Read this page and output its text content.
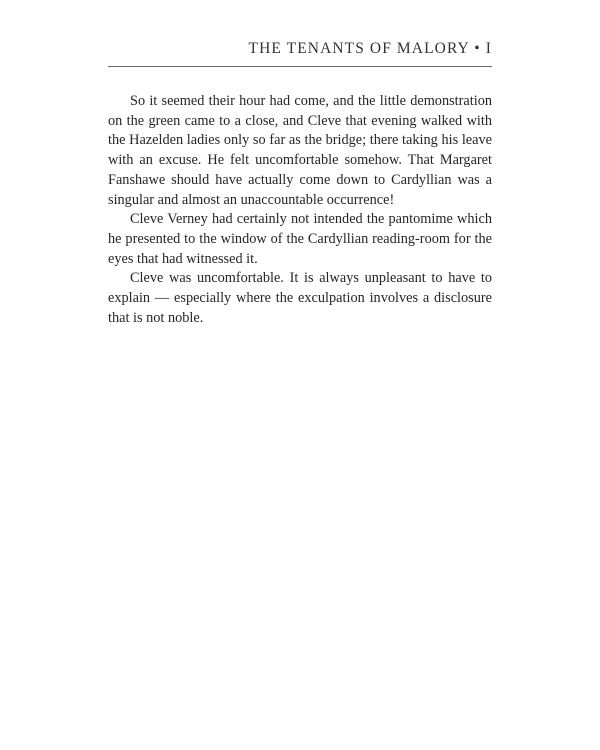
THE TENANTS OF MALORY • I

So it seemed their hour had come, and the little demonstration on the green came to a close, and Cleve that evening walked with the Hazelden ladies only so far as the bridge; there taking his leave with an excuse. He felt uncomfortable somehow. That Margaret Fanshawe should have actually come down to Cardyllian was a singular and almost an unaccountable occurrence!

Cleve Verney had certainly not intended the pantomime which he presented to the window of the Cardyllian reading-room for the eyes that had witnessed it.

Cleve was uncomfortable. It is always unpleasant to have to explain — especially where the exculpation involves a disclosure that is not noble.
